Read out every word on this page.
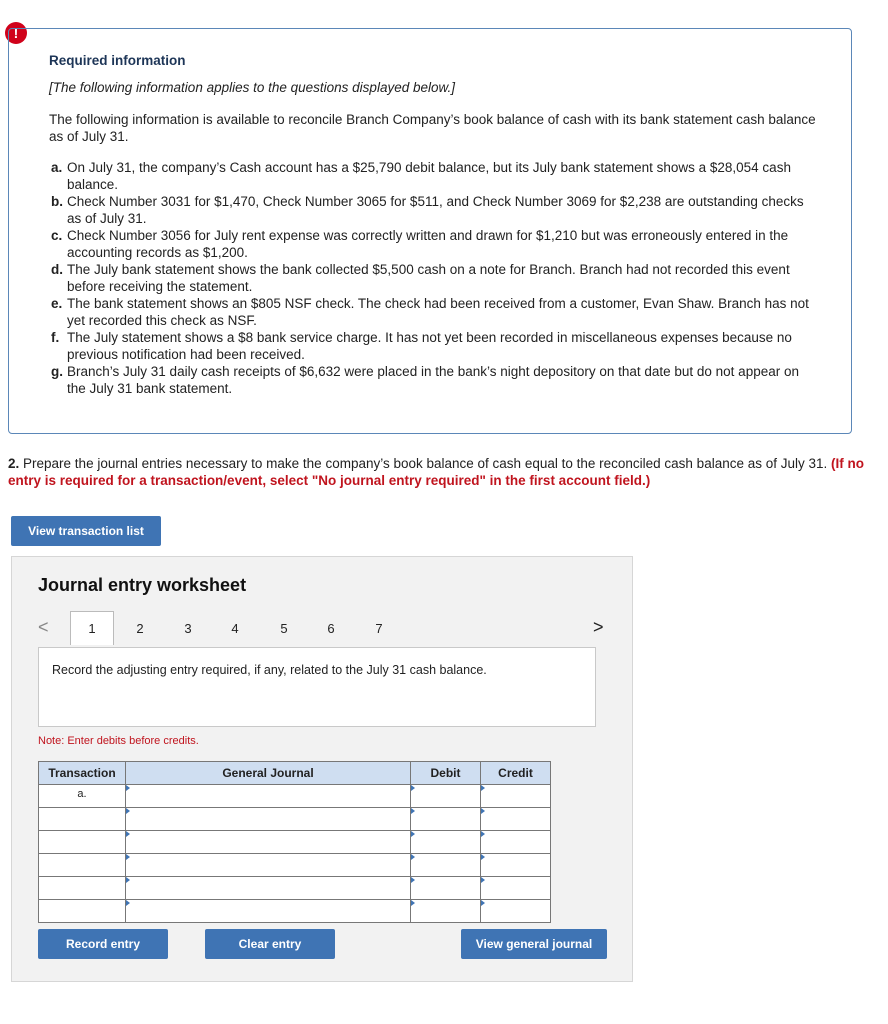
!
Required information
[The following information applies to the questions displayed below.]
The following information is available to reconcile Branch Company’s book balance of cash with its bank statement cash balance as of July 31.
a. On July 31, the company’s Cash account has a $25,790 debit balance, but its July bank statement shows a $28,054 cash balance.
b. Check Number 3031 for $1,470, Check Number 3065 for $511, and Check Number 3069 for $2,238 are outstanding checks as of July 31.
c. Check Number 3056 for July rent expense was correctly written and drawn for $1,210 but was erroneously entered in the accounting records as $1,200.
d. The July bank statement shows the bank collected $5,500 cash on a note for Branch. Branch had not recorded this event before receiving the statement.
e. The bank statement shows an $805 NSF check. The check had been received from a customer, Evan Shaw. Branch has not yet recorded this check as NSF.
f. The July statement shows a $8 bank service charge. It has not yet been recorded in miscellaneous expenses because no previous notification had been received.
g. Branch’s July 31 daily cash receipts of $6,632 were placed in the bank’s night depository on that date but do not appear on the July 31 bank statement.
2. Prepare the journal entries necessary to make the company’s book balance of cash equal to the reconciled cash balance as of July 31. (If no entry is required for a transaction/event, select "No journal entry required" in the first account field.)
View transaction list
Journal entry worksheet
<	1	2	3	4	5	6	7	>
Record the adjusting entry required, if any, related to the July 31 cash balance.
Note: Enter debits before credits.
Transaction	General Journal	Debit	Credit
a.			

Record entry	Clear entry	View general journal
